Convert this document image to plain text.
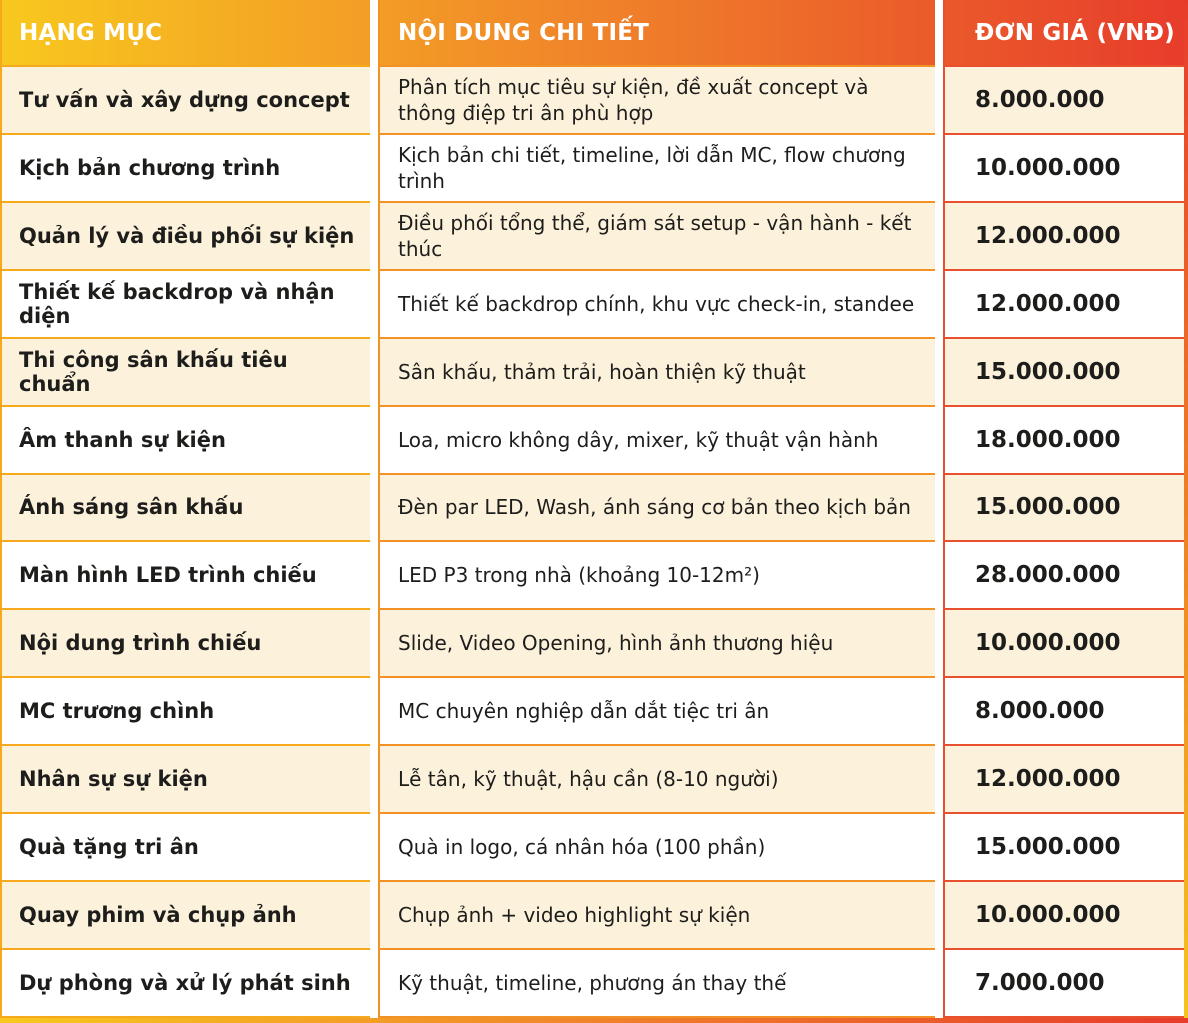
HẠNG MỤC
Tư vấn và xây dựng concept
Kịch bản chương trình
Quản lý và điều phối sự kiện
Thiết kế backdrop và nhận diện
Thi công sân khấu tiêu chuẩn
Âm thanh sự kiện
Ánh sáng sân khấu
Màn hình LED trình chiếu
Nội dung trình chiếu
MC trương chình
Nhân sự sự kiện
Quà tặng tri ân
Quay phim và chụp ảnh
Dự phòng và xử lý phát sinh
NỘI DUNG CHI TIẾT
Phân tích mục tiêu sự kiện, đề xuất concept và thông điệp tri ân phù hợp
Kịch bản chi tiết, timeline, lời dẫn MC, flow chương trình
Điều phối tổng thể, giám sát setup - vận hành - kết thúc
Thiết kế backdrop chính, khu vực check-in, standee
Sân khấu, thảm trải, hoàn thiện kỹ thuật
Loa, micro không dây, mixer, kỹ thuật vận hành
Đèn par LED, Wash, ánh sáng cơ bản theo kịch bản
LED P3 trong nhà (khoảng 10-12m²)
Slide, Video Opening, hình ảnh thương hiệu
MC chuyên nghiệp dẫn dắt tiệc tri ân
Lễ tân, kỹ thuật, hậu cần (8-10 người)
Quà in logo, cá nhân hóa (100 phần)
Chụp ảnh + video highlight sự kiện
Kỹ thuật, timeline, phương án thay thế
ĐƠN GIÁ (VNĐ)
8.000.000
10.000.000
12.000.000
12.000.000
15.000.000
18.000.000
15.000.000
28.000.000
10.000.000
8.000.000
12.000.000
15.000.000
10.000.000
7.000.000
